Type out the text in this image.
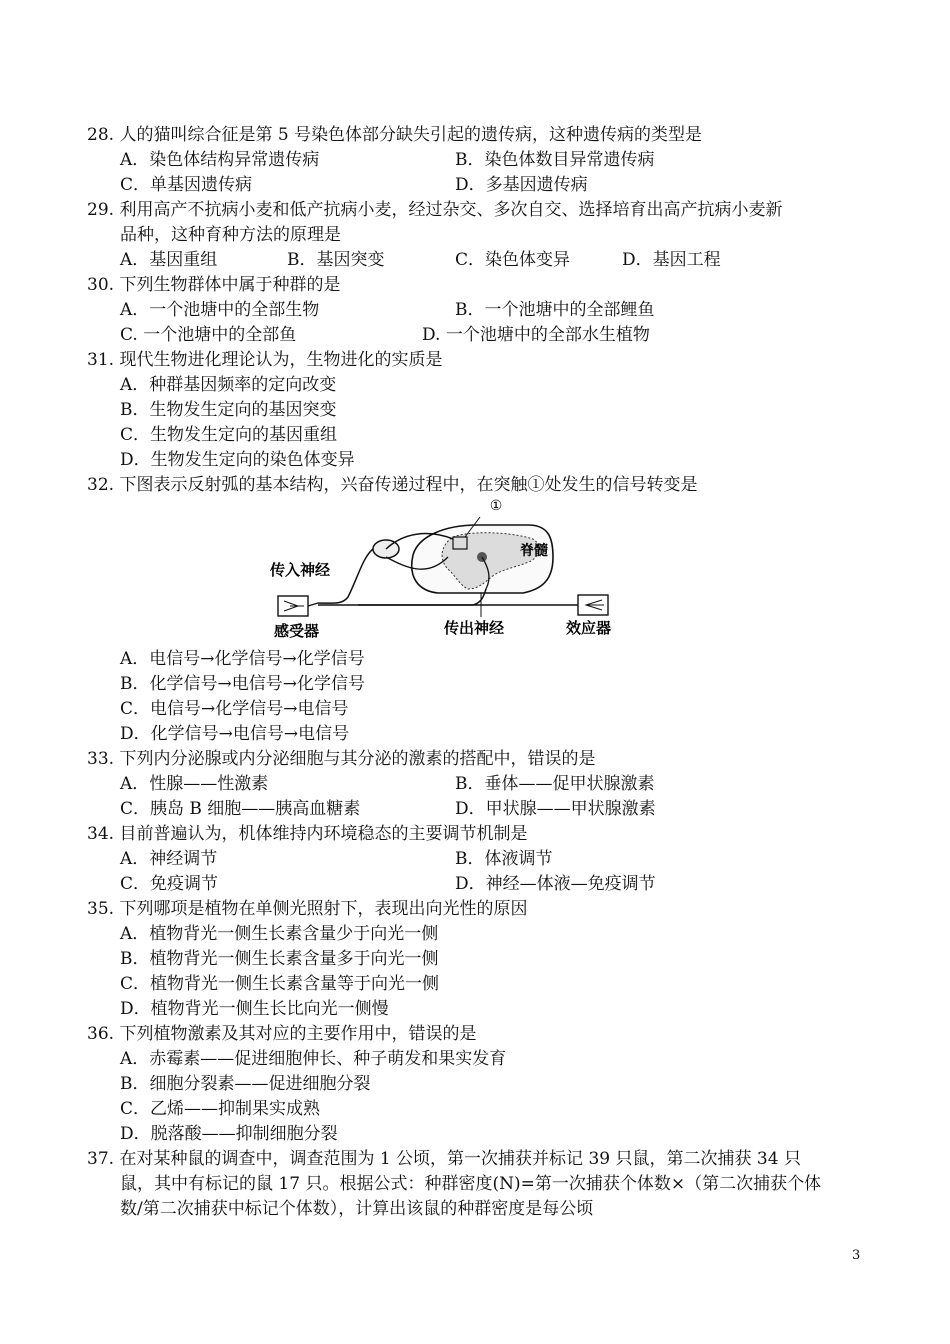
28. 人的猫叫综合征是第 5 号染色体部分缺失引起的遗传病，这种遗传病的类型是
A．染色体结构异常遗传病	B．染色体数目异常遗传病
C．单基因遗传病	D．多基因遗传病
29. 利用高产不抗病小麦和低产抗病小麦，经过杂交、多次自交、选择培育出高产抗病小麦新
品种，这种育种方法的原理是
A．基因重组	B．基因突变	C．染色体变异	D．基因工程
30. 下列生物群体中属于种群的是
A．一个池塘中的全部生物	B．一个池塘中的全部鲤鱼
C. 一个池塘中的全部鱼	D. 一个池塘中的全部水生植物
31. 现代生物进化理论认为，生物进化的实质是
A．种群基因频率的定向改变
B．生物发生定向的基因突变
C．生物发生定向的基因重组
D．生物发生定向的染色体变异
32. 下图表示反射弧的基本结构，兴奋传递过程中，在突触①处发生的信号转变是
①
脊髓
传入神经
感受器	传出神经	效应器
A．电信号→化学信号→化学信号
B．化学信号→电信号→化学信号
C．电信号→化学信号→电信号
D．化学信号→电信号→电信号
33. 下列内分泌腺或内分泌细胞与其分泌的激素的搭配中，错误的是
A．性腺——性激素	B．垂体——促甲状腺激素
C．胰岛 B 细胞——胰高血糖素	D．甲状腺——甲状腺激素
34. 目前普遍认为，机体维持内环境稳态的主要调节机制是
A．神经调节	B．体液调节
C．免疫调节	D．神经—体液—免疫调节
35. 下列哪项是植物在单侧光照射下，表现出向光性的原因
A．植物背光一侧生长素含量少于向光一侧
B．植物背光一侧生长素含量多于向光一侧
C．植物背光一侧生长素含量等于向光一侧
D．植物背光一侧生长比向光一侧慢
36. 下列植物激素及其对应的主要作用中，错误的是
A．赤霉素——促进细胞伸长、种子萌发和果实发育
B．细胞分裂素——促进细胞分裂
C．乙烯——抑制果实成熟
D．脱落酸——抑制细胞分裂
37. 在对某种鼠的调查中，调查范围为 1 公顷，第一次捕获并标记 39 只鼠，第二次捕获 34 只
鼠，其中有标记的鼠 17 只。根据公式：种群密度(N)=第一次捕获个体数×（第二次捕获个体
数/第二次捕获中标记个体数），计算出该鼠的种群密度是每公顷
3
